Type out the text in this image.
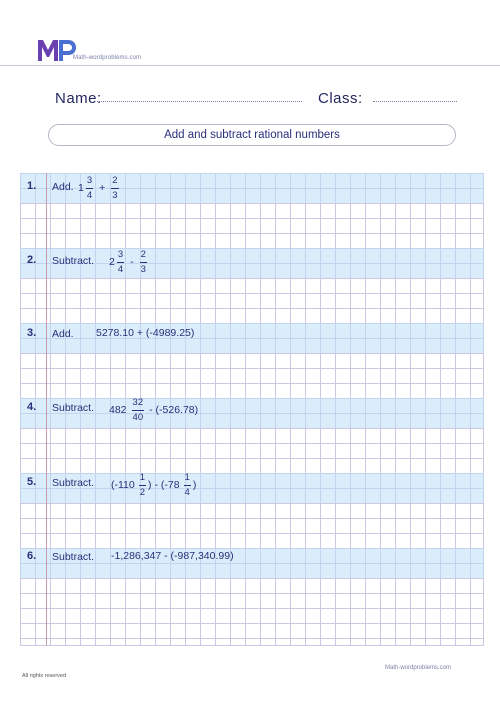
Math-wordproblems.com
Name:	Class:
Add and subtract rational numbers
1. Add. $1 \frac{3}{4} + \frac{2}{3}$
2. Subtract. $2 \frac{3}{4} - \frac{2}{3}$
3. Add. 5278.10 + (-4989.25)
4. Subtract. $482 \frac{32}{40} - (-526.78)$
5. Subtract. ($-110 \frac{1}{2}$ ) - ($-78 \frac{1}{4}$ )
6. Subtract. -1,286,347 - (-987,340.99)
Math-wordproblems.com
All rights reserved
